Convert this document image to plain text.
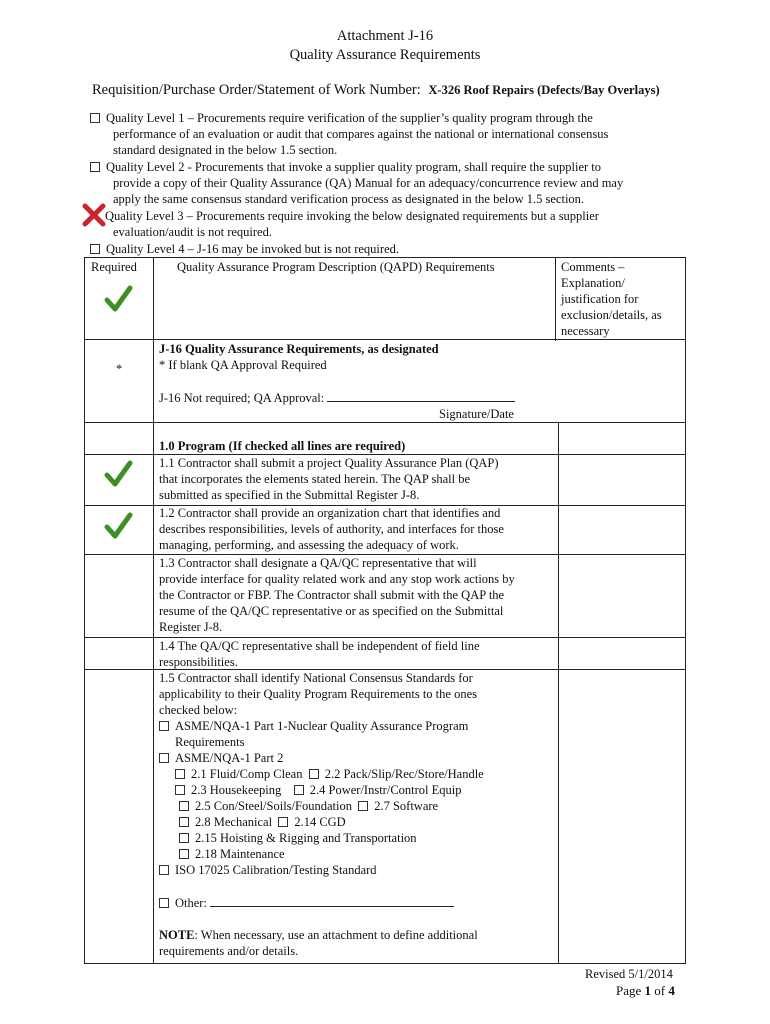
Attachment J-16
Quality Assurance Requirements
Requisition/Purchase Order/Statement of Work Number: X-326 Roof Repairs (Defects/Bay Overlays)
Quality Level 1 – Procurements require verification of the supplier’s quality program through the
performance of an evaluation or audit that compares against the national or international consensus
standard designated in the below 1.5 section.
Quality Level 2 - Procurements that invoke a supplier quality program, shall require the supplier to
provide a copy of their Quality Assurance (QA) Manual for an adequacy/concurrence review and may
apply the same consensus standard verification process as designated in the below 1.5 section.
Quality Level 3 – Procurements require invoking the below designated requirements but a supplier
evaluation/audit is not required.
Quality Level 4 – J-16 may be invoked but is not required.
Required	Quality Assurance Program Description (QAPD) Requirements	Comments –
Explanation/
justification for
exclusion/details, as
necessary
*
J-16 Quality Assurance Requirements, as designated
* If blank QA Approval Required
J-16 Not required; QA Approval:
Signature/Date
1.0 Program (If checked all lines are required)
1.1 Contractor shall submit a project Quality Assurance Plan (QAP)
that incorporates the elements stated herein. The QAP shall be
submitted as specified in the Submittal Register J-8.
1.2 Contractor shall provide an organization chart that identifies and
describes responsibilities, levels of authority, and interfaces for those
managing, performing, and assessing the adequacy of work.
1.3 Contractor shall designate a QA/QC representative that will
provide interface for quality related work and any stop work actions by
the Contractor or FBP. The Contractor shall submit with the QAP the
resume of the QA/QC representative or as specified on the Submittal
Register J-8.
1.4 The QA/QC representative shall be independent of field line
responsibilities.
1.5 Contractor shall identify National Consensus Standards for
applicability to their Quality Program Requirements to the ones
checked below:
ASME/NQA-1 Part 1-Nuclear Quality Assurance Program
Requirements
ASME/NQA-1 Part 2
2.1 Fluid/Comp Clean 2.2 Pack/Slip/Rec/Store/Handle
2.3 Housekeeping 2.4 Power/Instr/Control Equip
2.5 Con/Steel/Soils/Foundation 2.7 Software
2.8 Mechanical 2.14 CGD
2.15 Hoisting & Rigging and Transportation
2.18 Maintenance
ISO 17025 Calibration/Testing Standard
Other:
NOTE: When necessary, use an attachment to define additional
requirements and/or details.
Revised 5/1/2014
Page 1 of 4
